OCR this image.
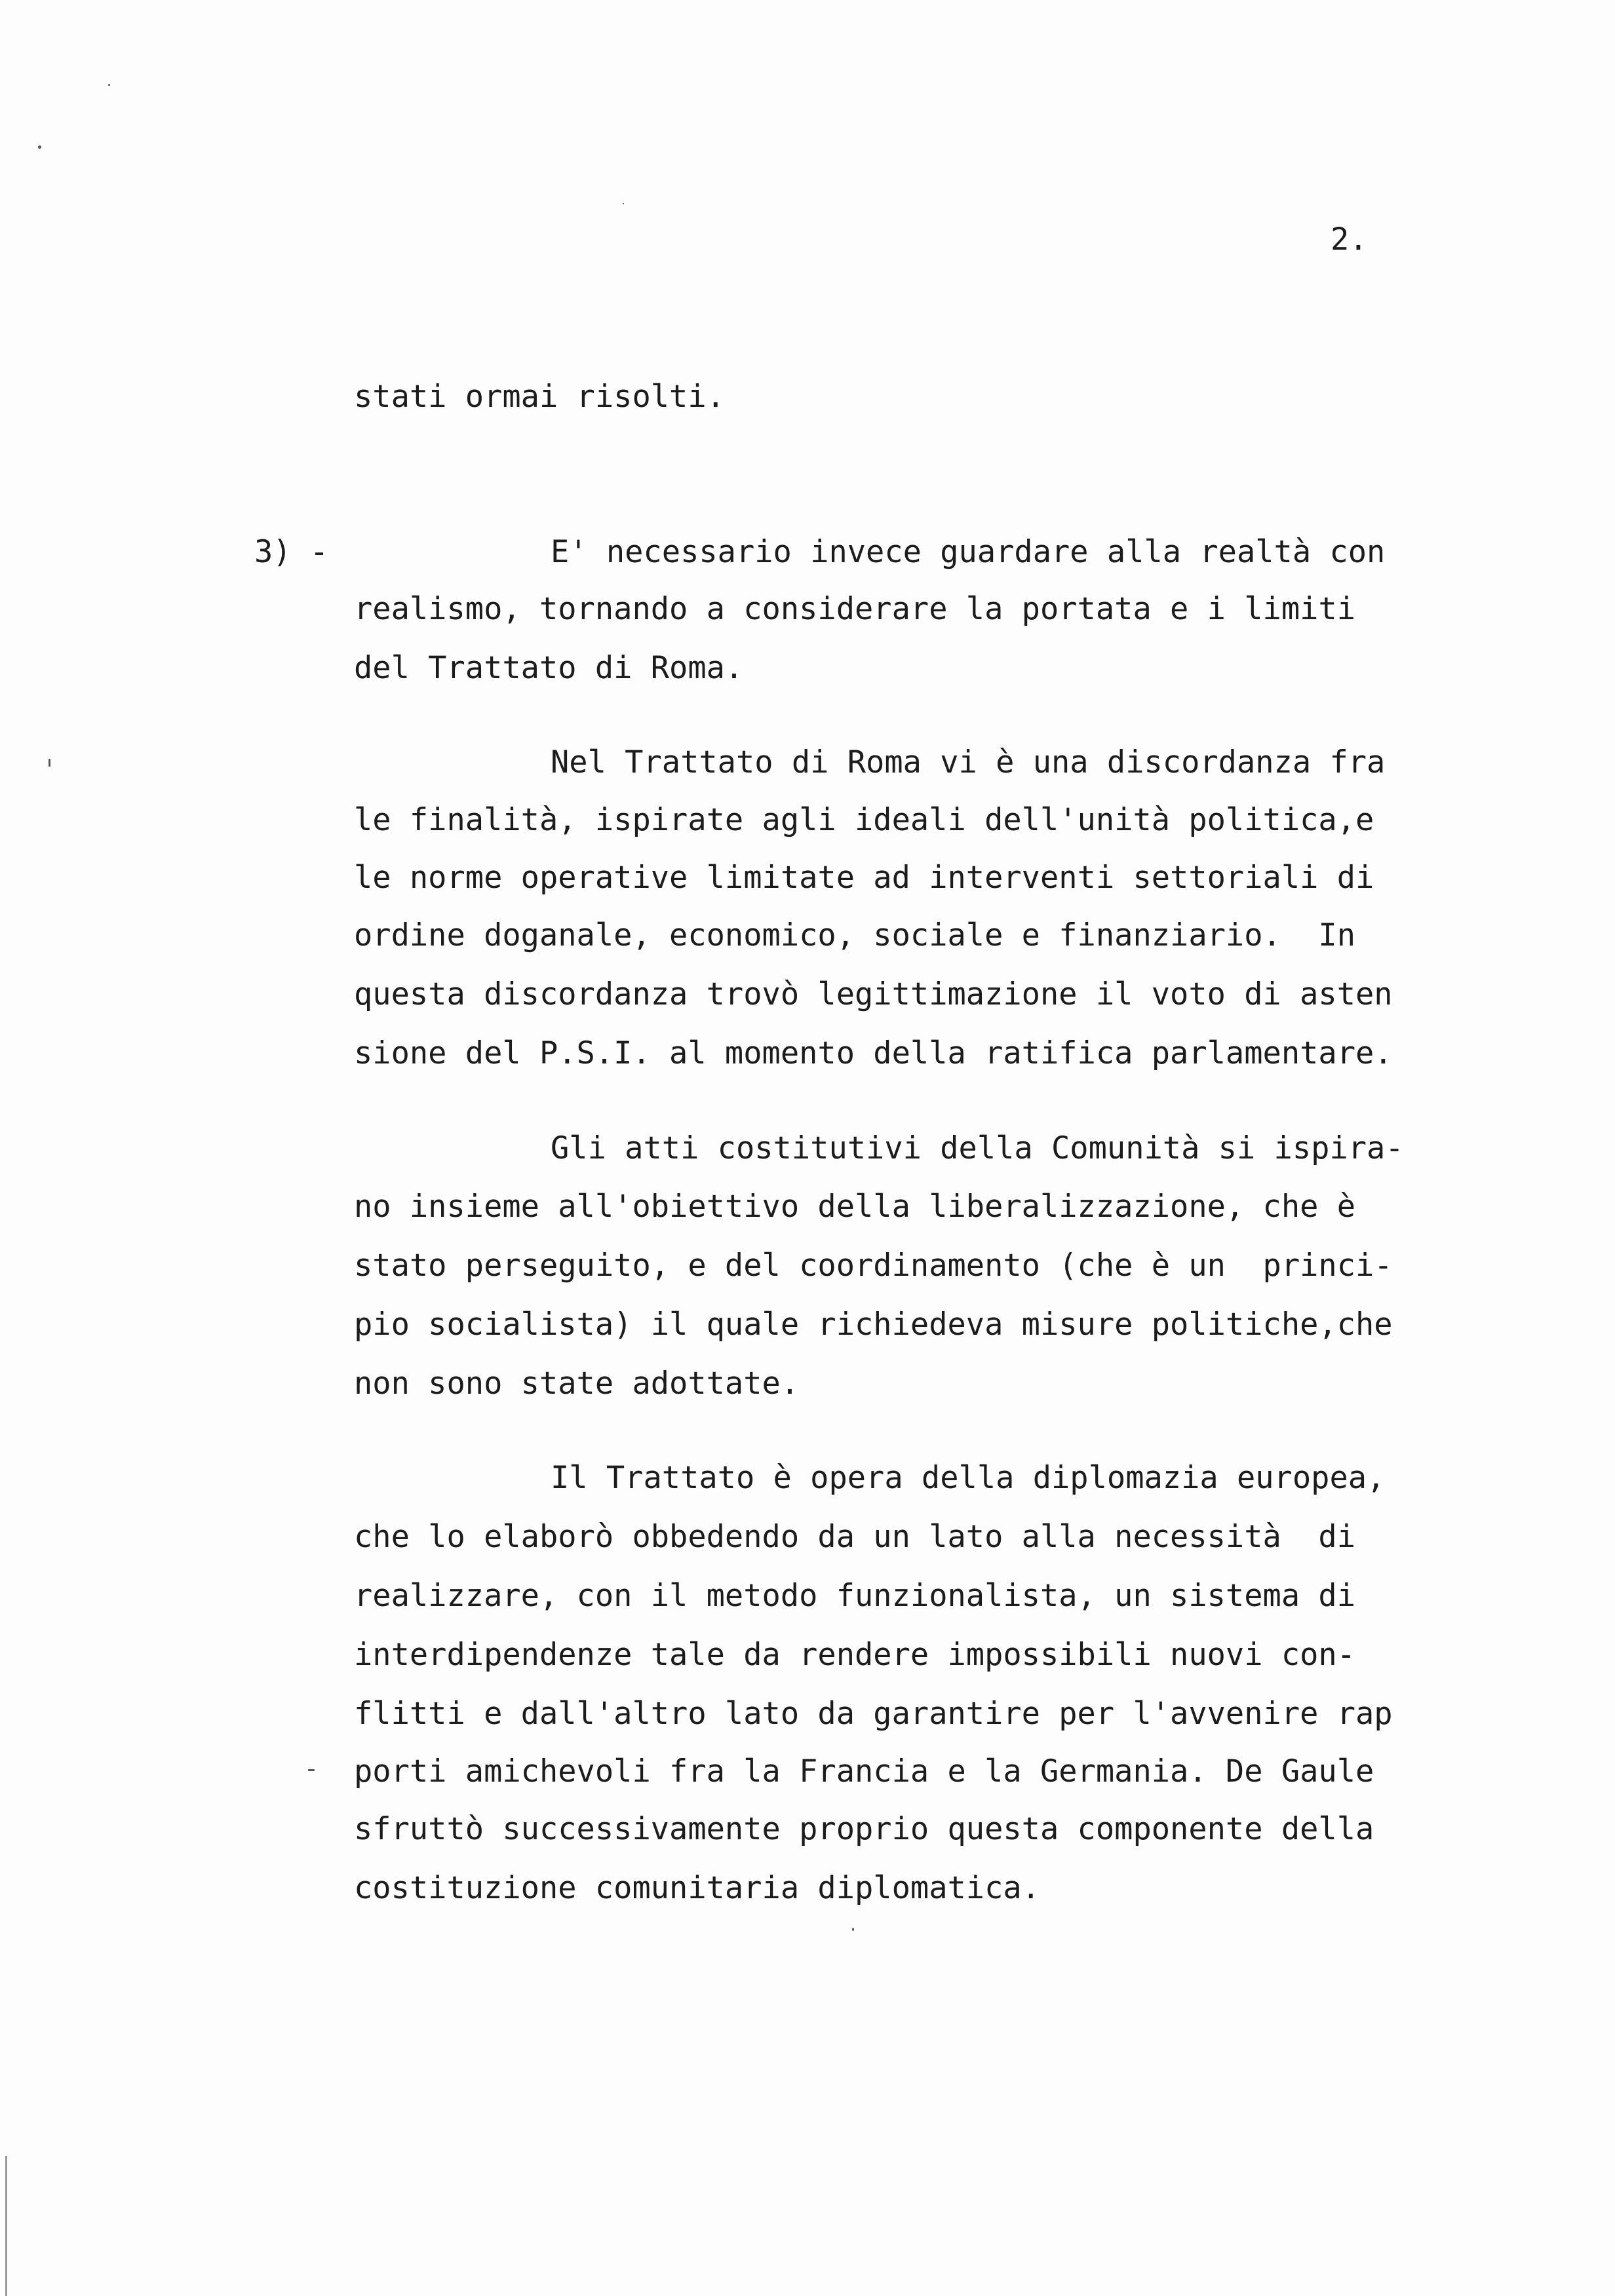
2.
stati ormai risolti.
3) -	E' necessario invece guardare alla realtà con
realismo, tornando a considerare la portata e i limiti
del Trattato di Roma.
Nel Trattato di Roma vi è una discordanza fra
le finalità, ispirate agli ideali dell'unità politica,e
le norme operative limitate ad interventi settoriali di
ordine doganale, economico, sociale e finanziario.  In
questa discordanza trovò legittimazione il voto di asten
sione del P.S.I. al momento della ratifica parlamentare.
Gli atti costitutivi della Comunità si ispira-
no insieme all'obiettivo della liberalizzazione, che è
stato perseguito, e del coordinamento (che è un  princi-
pio socialista) il quale richiedeva misure politiche,che
non sono state adottate.
Il Trattato è opera della diplomazia europea,
che lo elaborò obbedendo da un lato alla necessità  di
realizzare, con il metodo funzionalista, un sistema di
interdipendenze tale da rendere impossibili nuovi con-
flitti e dall'altro lato da garantire per l'avvenire rap
porti amichevoli fra la Francia e la Germania. De Gaule
sfruttò successivamente proprio questa componente della
costituzione comunitaria diplomatica.
